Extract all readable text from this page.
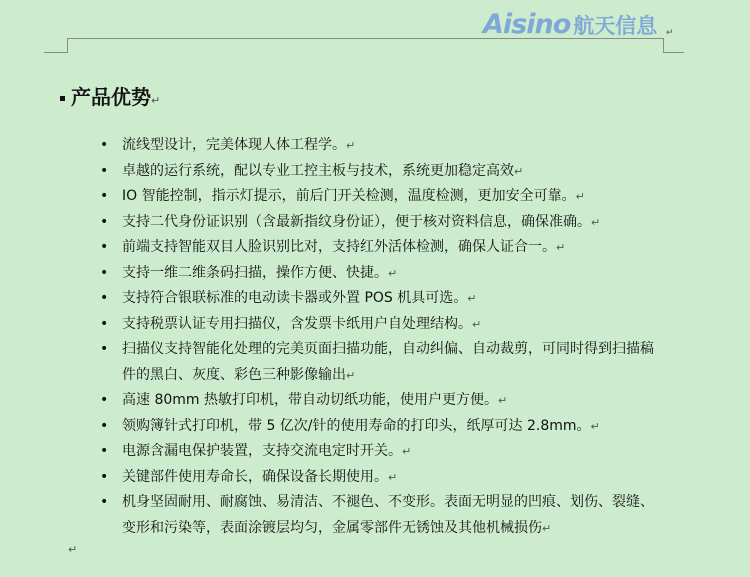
Aisino 航天信息 ↵
产品优势↵
• 流线型设计，完美体现人体工程学。↵
• 卓越的运行系统，配以专业工控主板与技术，系统更加稳定高效↵
• IO 智能控制，指示灯提示，前后门开关检测，温度检测，更加安全可靠。↵
• 支持二代身份证识别（含最新指纹身份证），便于核对资料信息，确保准确。↵
• 前端支持智能双目人脸识别比对，支持红外活体检测，确保人证合一。↵
• 支持一维二维条码扫描，操作方便、快捷。↵
• 支持符合银联标准的电动读卡器或外置 POS 机具可选。↵
• 支持税票认证专用扫描仪，含发票卡纸用户自处理结构。↵
• 扫描仪支持智能化处理的完美页面扫描功能，自动纠偏、自动裁剪，可同时得到扫描稿件的黑白、灰度、彩色三种影像输出↵
• 高速 80mm 热敏打印机，带自动切纸功能，使用户更方便。↵
• 领购簿针式打印机，带 5 亿次/针的使用寿命的打印头，纸厚可达 2.8mm。↵
• 电源含漏电保护装置，支持交流电定时开关。↵
• 关键部件使用寿命长，确保设备长期使用。↵
• 机身坚固耐用、耐腐蚀、易清洁、不褪色、不变形。表面无明显的凹痕、划伤、裂缝、变形和污染等，表面涂镀层均匀，金属零部件无锈蚀及其他机械损伤↵
↵
